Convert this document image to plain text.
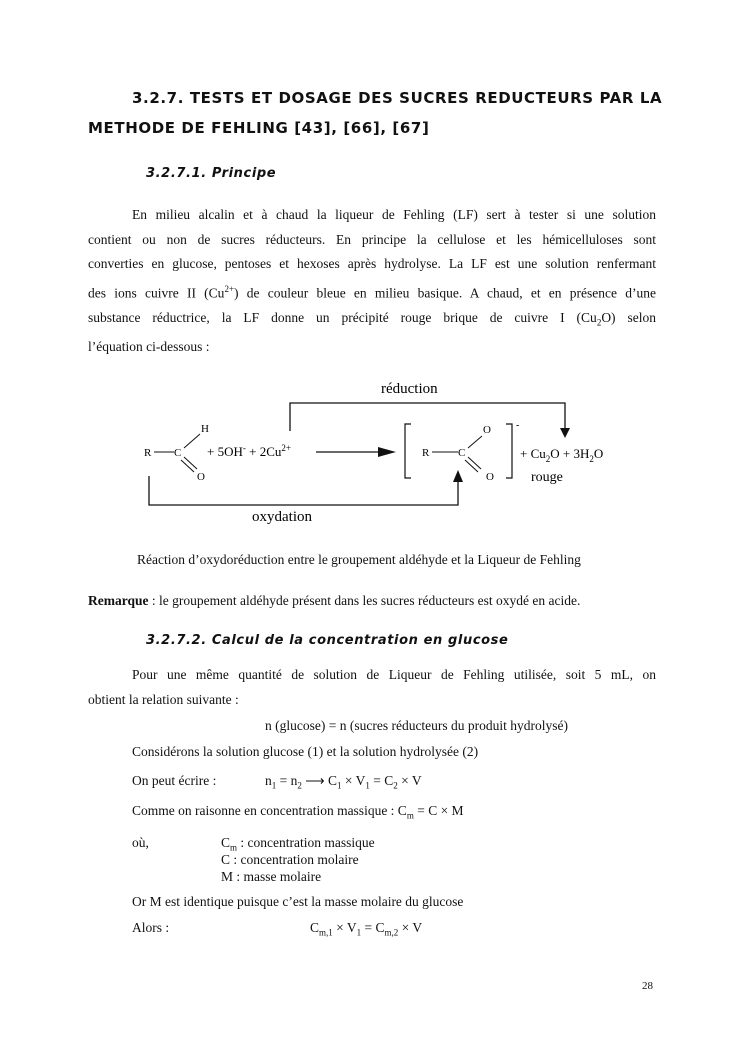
3.2.7. TESTS ET DOSAGE DES SUCRES REDUCTEURS PAR LA
METHODE DE FEHLING [43], [66], [67]
3.2.7.1. Principe
En milieu alcalin et à chaud la liqueur de Fehling (LF) sert à tester si une solution
contient ou non de sucres réducteurs. En principe la cellulose et les hémicelluloses sont
converties en glucose, pentoses et hexoses après hydrolyse. La LF est une solution renfermant
des ions cuivre II $(Cu^{2+})$ de couleur bleue en milieu basique. A chaud, et en présence d’une
substance réductrice, la LF donne un précipité rouge brique de cuivre I $(Cu_2O)$ selon
l’équation ci-dessous :
réduction
R C
H
O
+ $5OH^- + 2Cu^{2+}$
-
R	C
O
O
+ $Cu_2O + 3H_2O$
rouge
oxydation
Réaction d’oxydoréduction entre le groupement aldéhyde et la Liqueur de Fehling
Remarque : le groupement aldéhyde présent dans les sucres réducteurs est oxydé en acide.
3.2.7.2. Calcul de la concentration en glucose
Pour une même quantité de solution de Liqueur de Fehling utilisée, soit 5 mL, on
obtient la relation suivante :
n (glucose) = n (sucres réducteurs du produit hydrolysé)
Considérons la solution glucose (1) et la solution hydrolysée (2)
On peut écrire :	$n_1 = n_2$ ⟶ $C_1 \times V_1 = C_2 \times V$
Comme on raisonne en concentration massique : $C_m = C \times M$
où,	$C_m$ : concentration massique
C : concentration molaire
M : masse molaire
Or M est identique puisque c’est la masse molaire du glucose
Alors :	$C_{m,1} \times V_1 = C_{m,2} \times V$
28
